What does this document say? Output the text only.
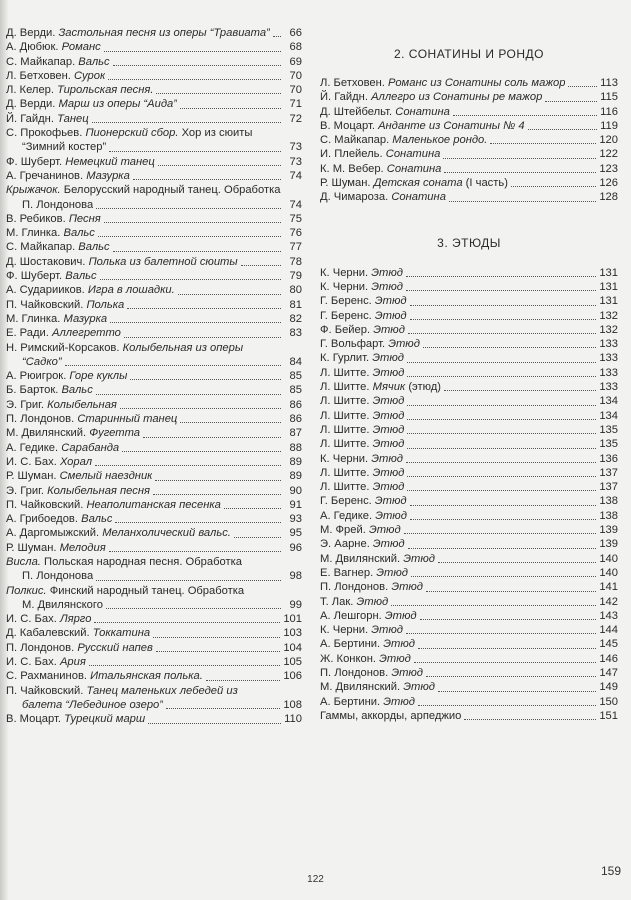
Д. Верди. Застольная песня из оперы “Травиата”	66
А. Дюбюк. Романс	68
С. Майкапар. Вальс	69
Л. Бетховен. Сурок	70
Л. Келер. Тирольская песня.	70
Д. Верди. Марш из оперы “Аида”	71
Й. Гайдн. Танец	72
С. Прокофьев. Пионерский сбор. Хор из сюиты
“Зимний костер”	73
Ф. Шуберт. Немецкий танец	73
А. Гречанинов. Мазурка	74
Крыжачок. Белорусский народный танец. Обработка
П. Лондонова	74
В. Ребиков. Песня	75
М. Глинка. Вальс	76
С. Майкапар. Вальс	77
Д. Шостакович. Полька из балетной сюиты	78
Ф. Шуберт. Вальс	79
А. Сударииков. Игра в лошадки.	80
П. Чайковский. Полька	81
М. Глинка. Мазурка	82
Е. Ради. Аллегретто	83
Н. Римский-Корсаков. Колыбельная из оперы
“Садко”	84
А. Рюигрок. Горе куклы	85
Б. Барток. Вальс	85
Э. Григ. Колыбельная	86
П. Лондонов. Старинный танец	86
М. Двилянский. Фугетта	87
А. Гедике. Сарабанда	88
И. С. Бах. Хорал	89
Р. Шуман. Смелый наездник	89
Э. Григ. Колыбельная песня	90
П. Чайковский. Неаполитанская песенка	91
А. Грибоедов. Вальс	93
А. Даргомыжский. Меланхолический вальс.	95
Р. Шуман. Мелодия	96
Висла. Польская народная песня. Обработка
П. Лондонова	98
Полкис. Финский народный танец. Обработка
М. Двилянского	99
И. С. Бах. Лярго	101
Д. Кабалевский. Токкатина	103
П. Лондонов. Русский напев	104
И. С. Бах. Ария	105
С. Рахманинов. Итальянская полька.	106
П. Чайковский. Танец маленьких лебедей из
балета “Лебединое озеро”	108
В. Моцарт. Турецкий марш	110
2. СОНАТИНЫ И РОНДО
Л. Бетховен. Романс из Сонатины соль мажор	113
Й. Гайдн. Аллегро из Сонатины ре мажор	115
Д. Штейбельт. Сонатина	116
В. Моцарт. Анданте из Сонатины № 4	119
С. Майкапар. Маленькое рондо.	120
И. Плейель. Сонатина	122
К. М. Вебер. Сонатина	123
Р. Шуман. Детская соната (I часть)	126
Д. Чимароза. Сонатина	128
3. ЭТЮДЫ
К. Черни. Этюд	131
К. Черни. Этюд	131
Г. Беренс. Этюд	131
Г. Беренс. Этюд	132
Ф. Бейер. Этюд	132
Г. Вольфарт. Этюд	133
К. Гурлит. Этюд	133
Л. Шитте. Этюд	133
Л. Шитте. Мячик (этюд)	133
Л. Шитте. Этюд	134
Л. Шитте. Этюд	134
Л. Шитте. Этюд	135
Л. Шитте. Этюд	135
К. Черни. Этюд	136
Л. Шитте. Этюд	137
Л. Шитте. Этюд	137
Г. Беренс. Этюд	138
А. Гедике. Этюд	138
М. Фрей. Этюд	139
Э. Аарне. Этюд	139
М. Двилянский. Этюд	140
Е. Вагнер. Этюд	140
П. Лондонов. Этюд	141
Т. Лак. Этюд	142
А. Лешгорн. Этюд	143
К. Черни. Этюд	144
А. Бертини. Этюд	145
Ж. Конкон. Этюд	146
П. Лондонов. Этюд	147
М. Двилянский. Этюд	149
А. Бертини. Этюд	150
Гаммы, аккорды, арпеджио	151
122
159
